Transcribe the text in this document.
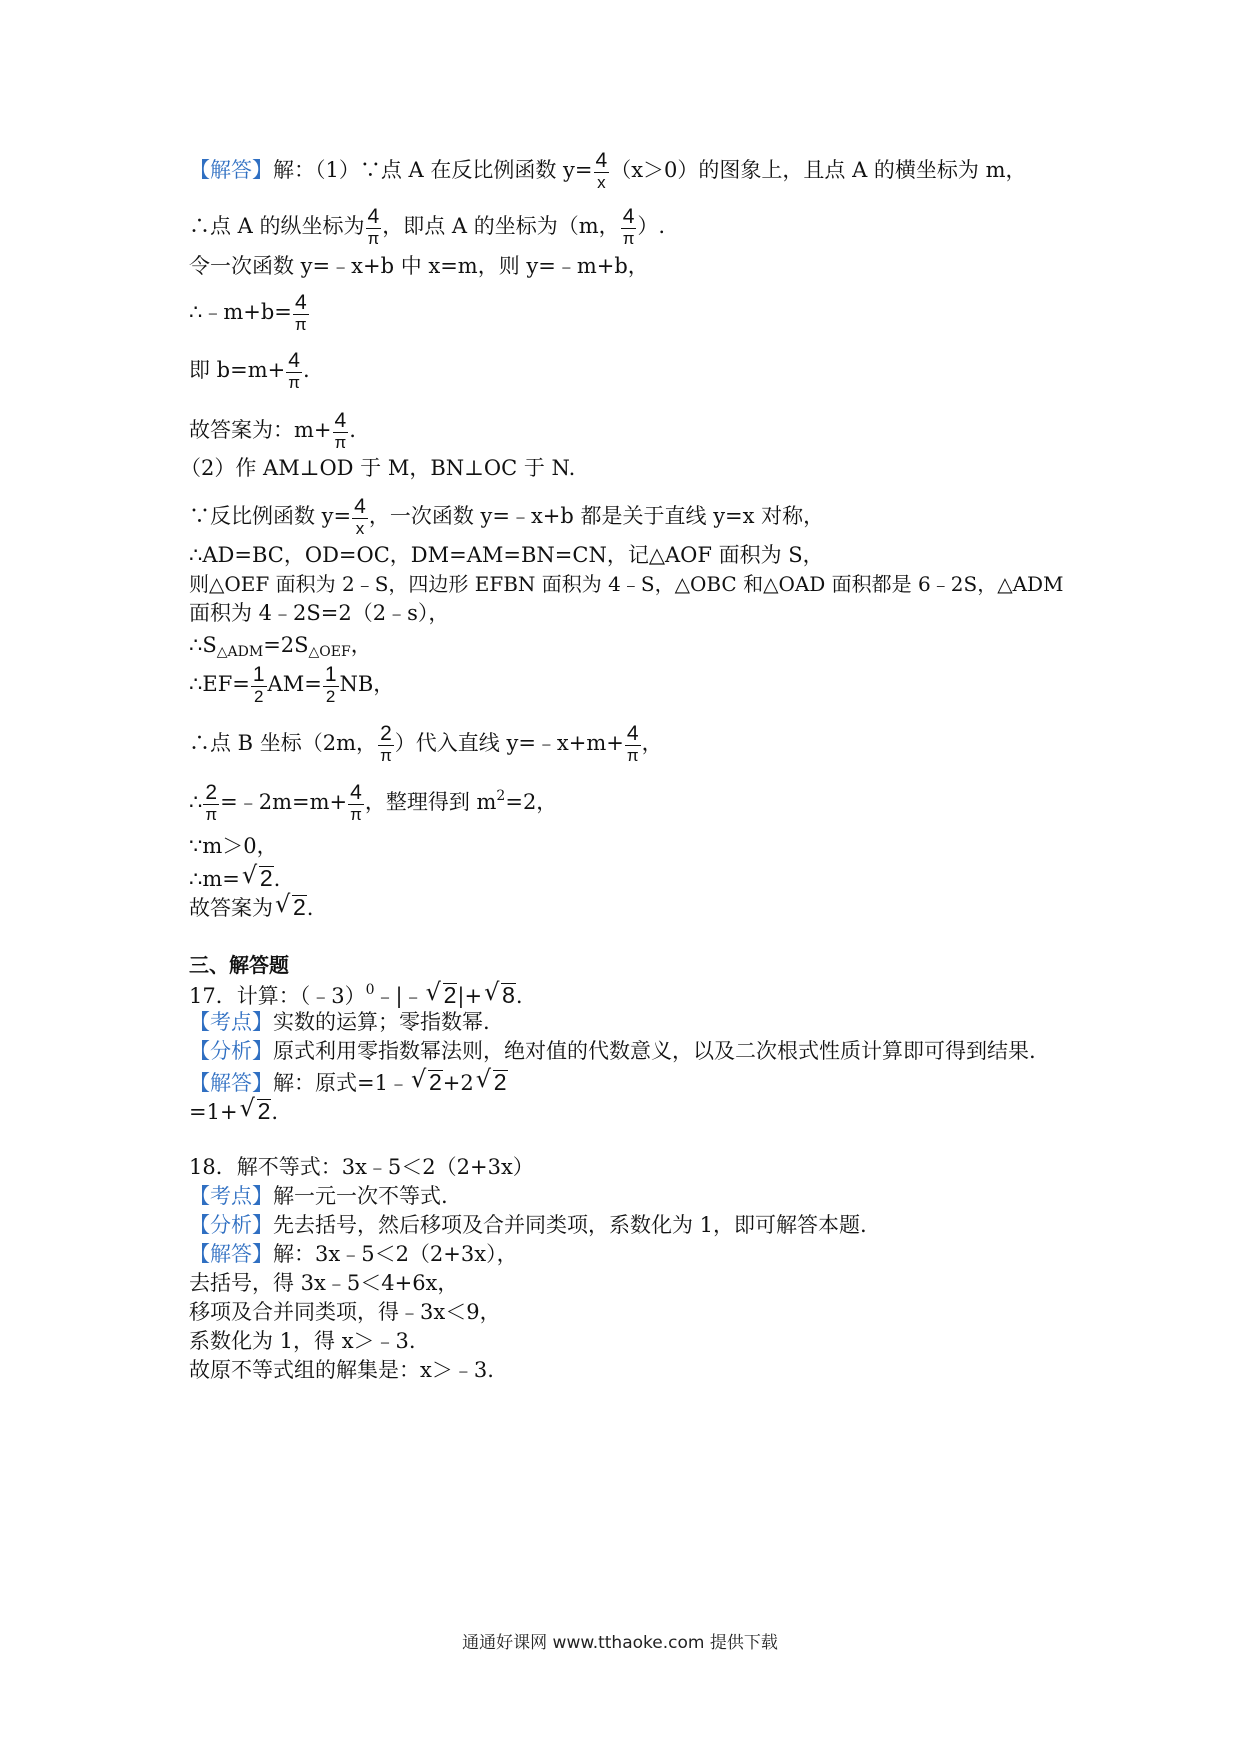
【解答】解：（1）∵点 A 在反比例函数 $y= \frac{4}{x} (x>0)$的图象上，且点 A 的横坐标为 m，
∴点 A 的纵坐标为 $\frac{4}{\pi}$ ，即点 A 的坐标为（m， $\frac{4}{\pi}$ ）.
令一次函数 y=﹣x+b 中 x=m，则 y=﹣m+b，
∴﹣m+b= $\frac{4}{\pi}$
即 $b=m+ \frac{4}{\pi}$ .
故答案为：$m+ \frac{4}{\pi}$ .
（2）作 AM⊥OD 于 M，BN⊥OC 于 N.
∵反比例函数 $y= \frac{4}{x}$ ，一次函数 y=﹣x+b 都是关于直线 y=x 对称，
∴AD=BC，OD=OC，DM=AM=BN=CN，记△AOF 面积为 S，
则△OEF 面积为 2﹣S，四边形 EFBN 面积为 4﹣S，△OBC 和△OAD 面积都是 6﹣2S，△ADM
面积为 4﹣2S=2（2﹣s），
$\therefore S_{\triangle ADM}=2S_{\triangle OEF}$，
∴EF= $\frac{1}{2} AM= \frac{1}{2}$ NB，
∴点 B 坐标（2m， $\frac{2}{\pi}$ ）代入直线 y=﹣x+m+ $\frac{4}{\pi}$ ，
∴ $\frac{2}{\pi}$ =﹣2m=m+ $\frac{4}{\pi}$ ，整理得到 $m^2=2$，
∵m＞0，
∴m= √ 2.
故答案为 √ 2.
三、解答题
17．计算：（﹣3）$^0$﹣|﹣ √ 2|+ √ 8.
【考点】实数的运算；零指数幂.
【分析】原式利用零指数幂法则，绝对值的代数意义，以及二次根式性质计算即可得到结果.
【解答】解：原式=1﹣ √ 2+2 √ 2
=1+ √ 2.
18．解不等式：3x﹣5＜2（2+3x）
【考点】解一元一次不等式.
【分析】先去括号，然后移项及合并同类项，系数化为 1，即可解答本题.
【解答】解：3x﹣5＜2（2+3x），
去括号，得 3x﹣5＜4+6x，
移项及合并同类项，得﹣3x＜9，
系数化为 1，得 x＞﹣3.
故原不等式组的解集是：x＞﹣3.
通通好课网 www.tthaoke.com 提供下载
